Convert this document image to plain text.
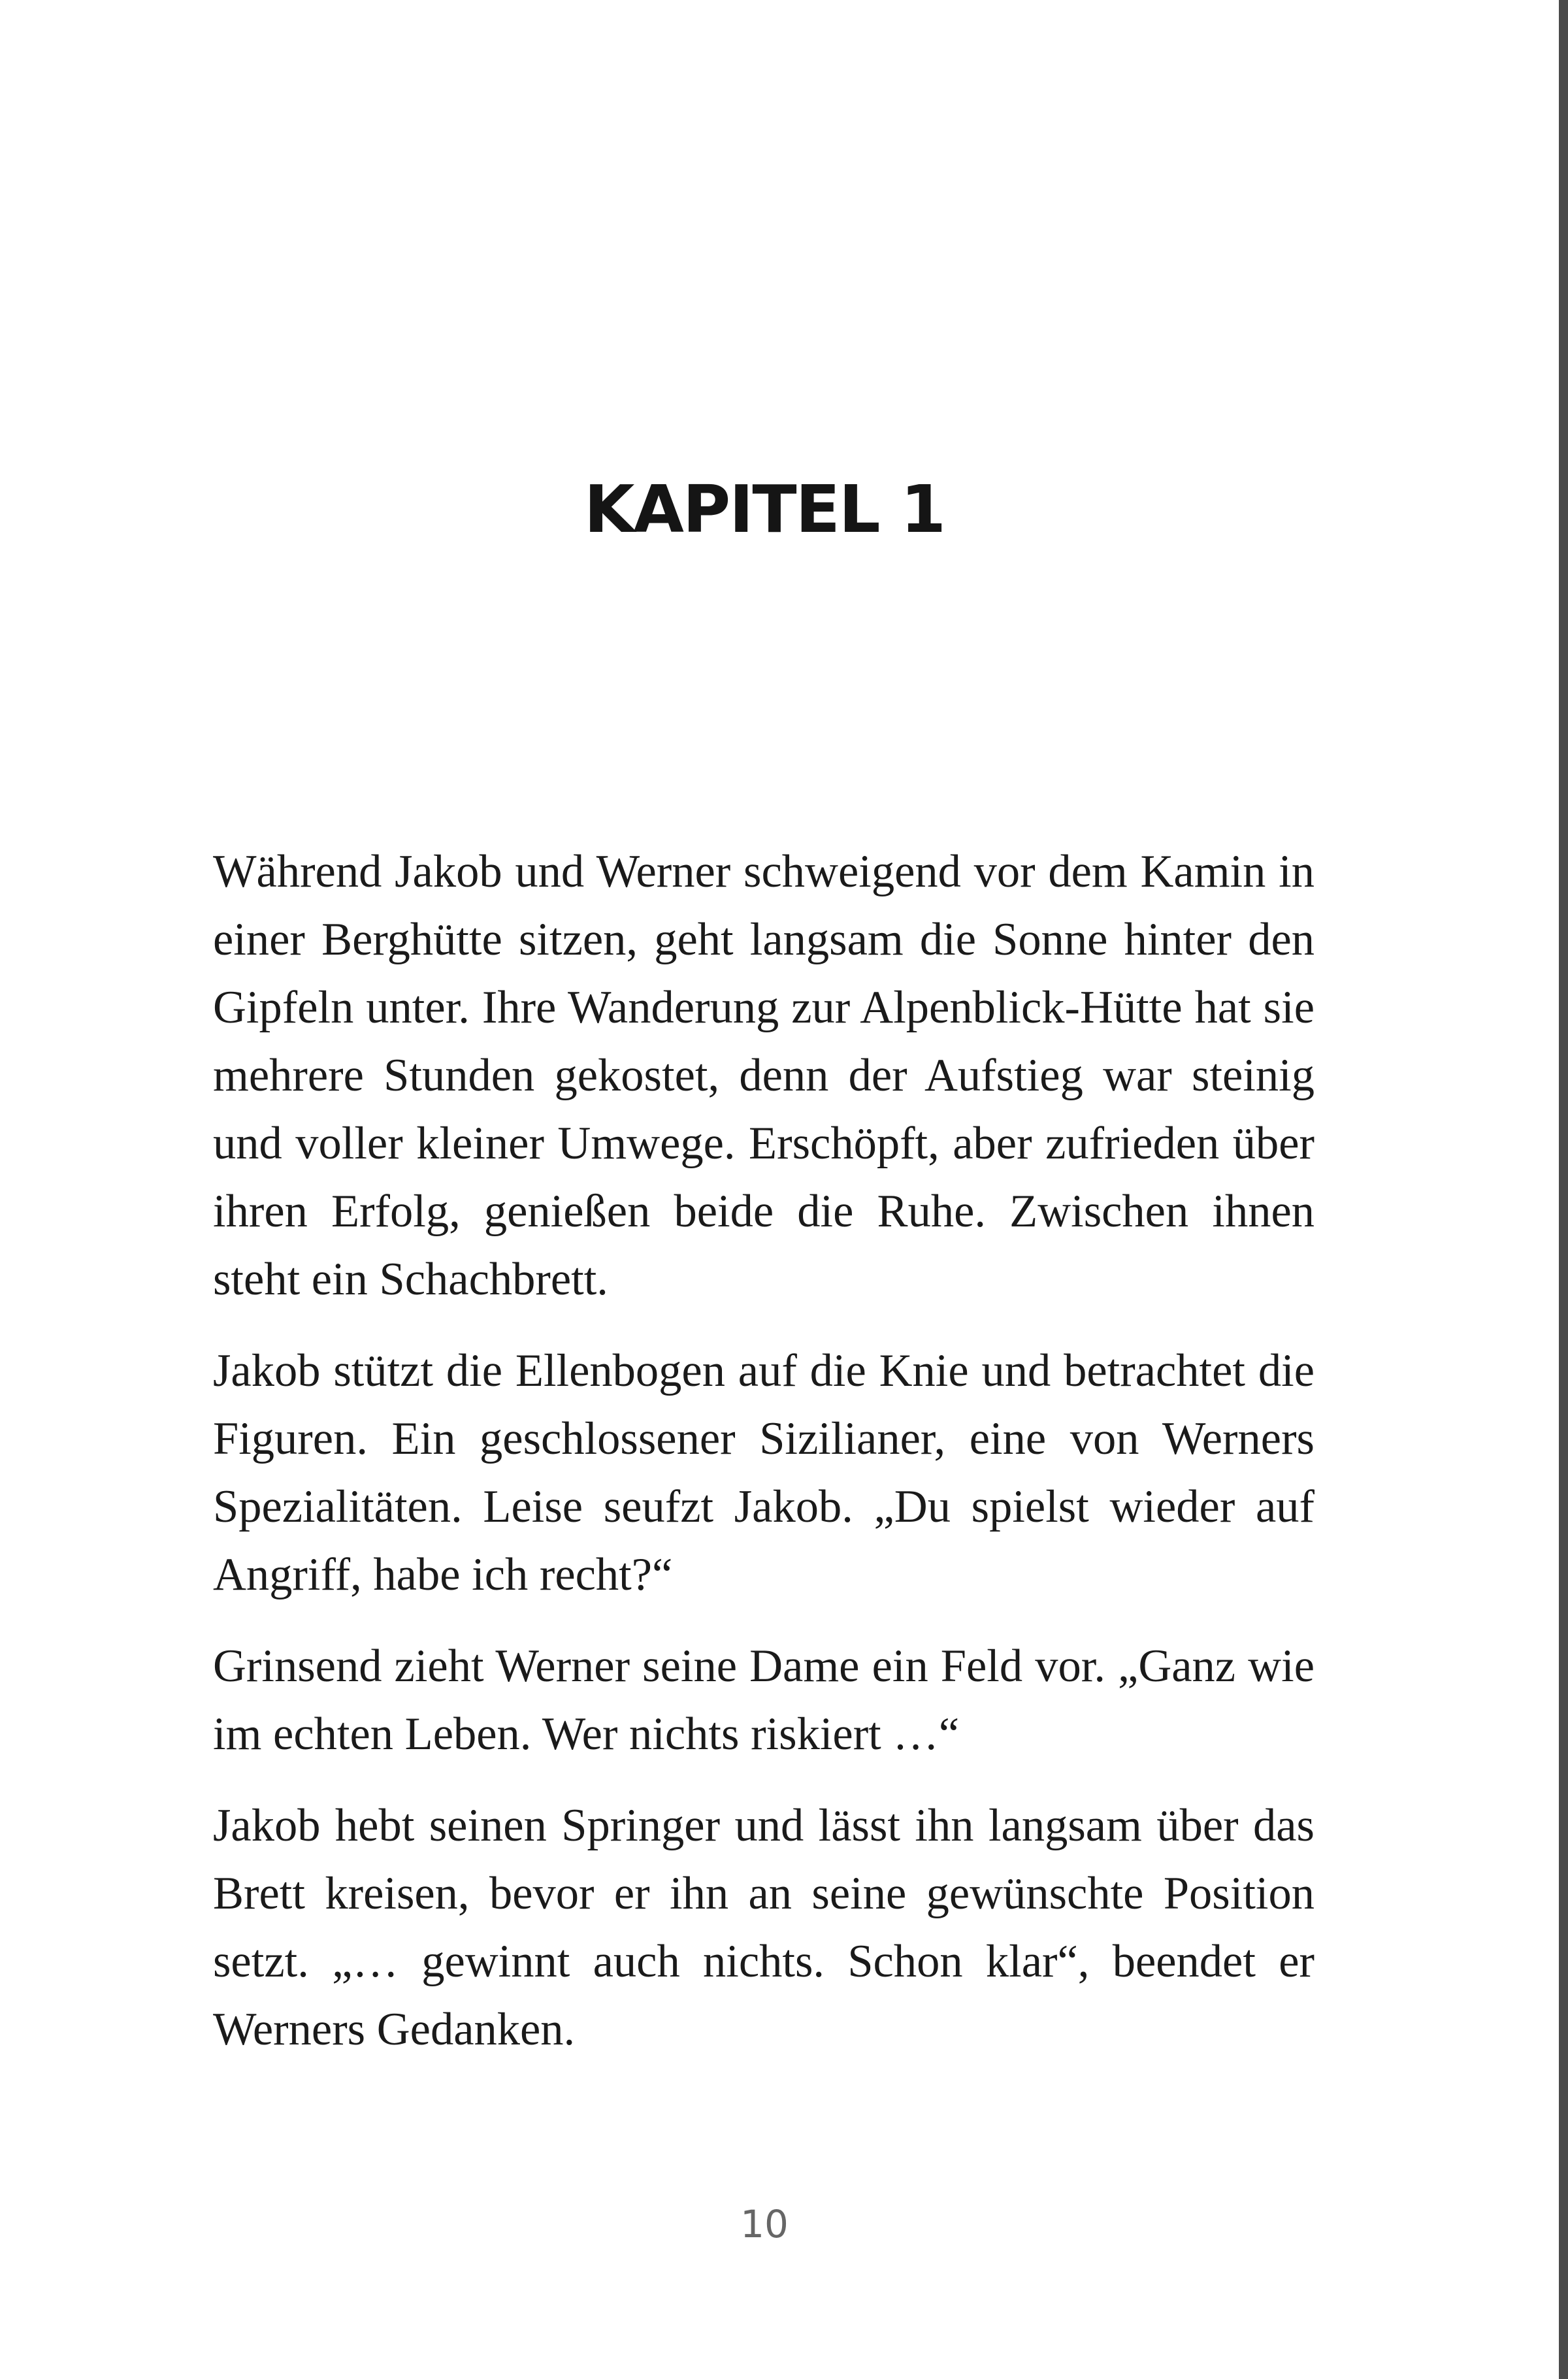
KAPITEL 1

Während Jakob und Werner schweigend vor dem Kamin in einer Berghütte sitzen, geht langsam die Sonne hinter den Gipfeln unter. Ihre Wanderung zur Alpenblick-Hütte hat sie mehrere Stunden gekostet, denn der Aufstieg war steinig und voller kleiner Umwege. Erschöpft, aber zufrieden über ihren Erfolg, genießen beide die Ruhe. Zwischen ihnen steht ein Schachbrett.

Jakob stützt die Ellenbogen auf die Knie und betrachtet die Figuren. Ein geschlossener Sizilianer, eine von Werners Spezialitäten. Leise seufzt Jakob. „Du spielst wieder auf Angriff, habe ich recht?“

Grinsend zieht Werner seine Dame ein Feld vor. „Ganz wie im echten Leben. Wer nichts riskiert …“

Jakob hebt seinen Springer und lässt ihn langsam über das Brett kreisen, bevor er ihn an seine gewünschte Position setzt. „… gewinnt auch nichts. Schon klar“, beendet er Werners Gedanken.

10
